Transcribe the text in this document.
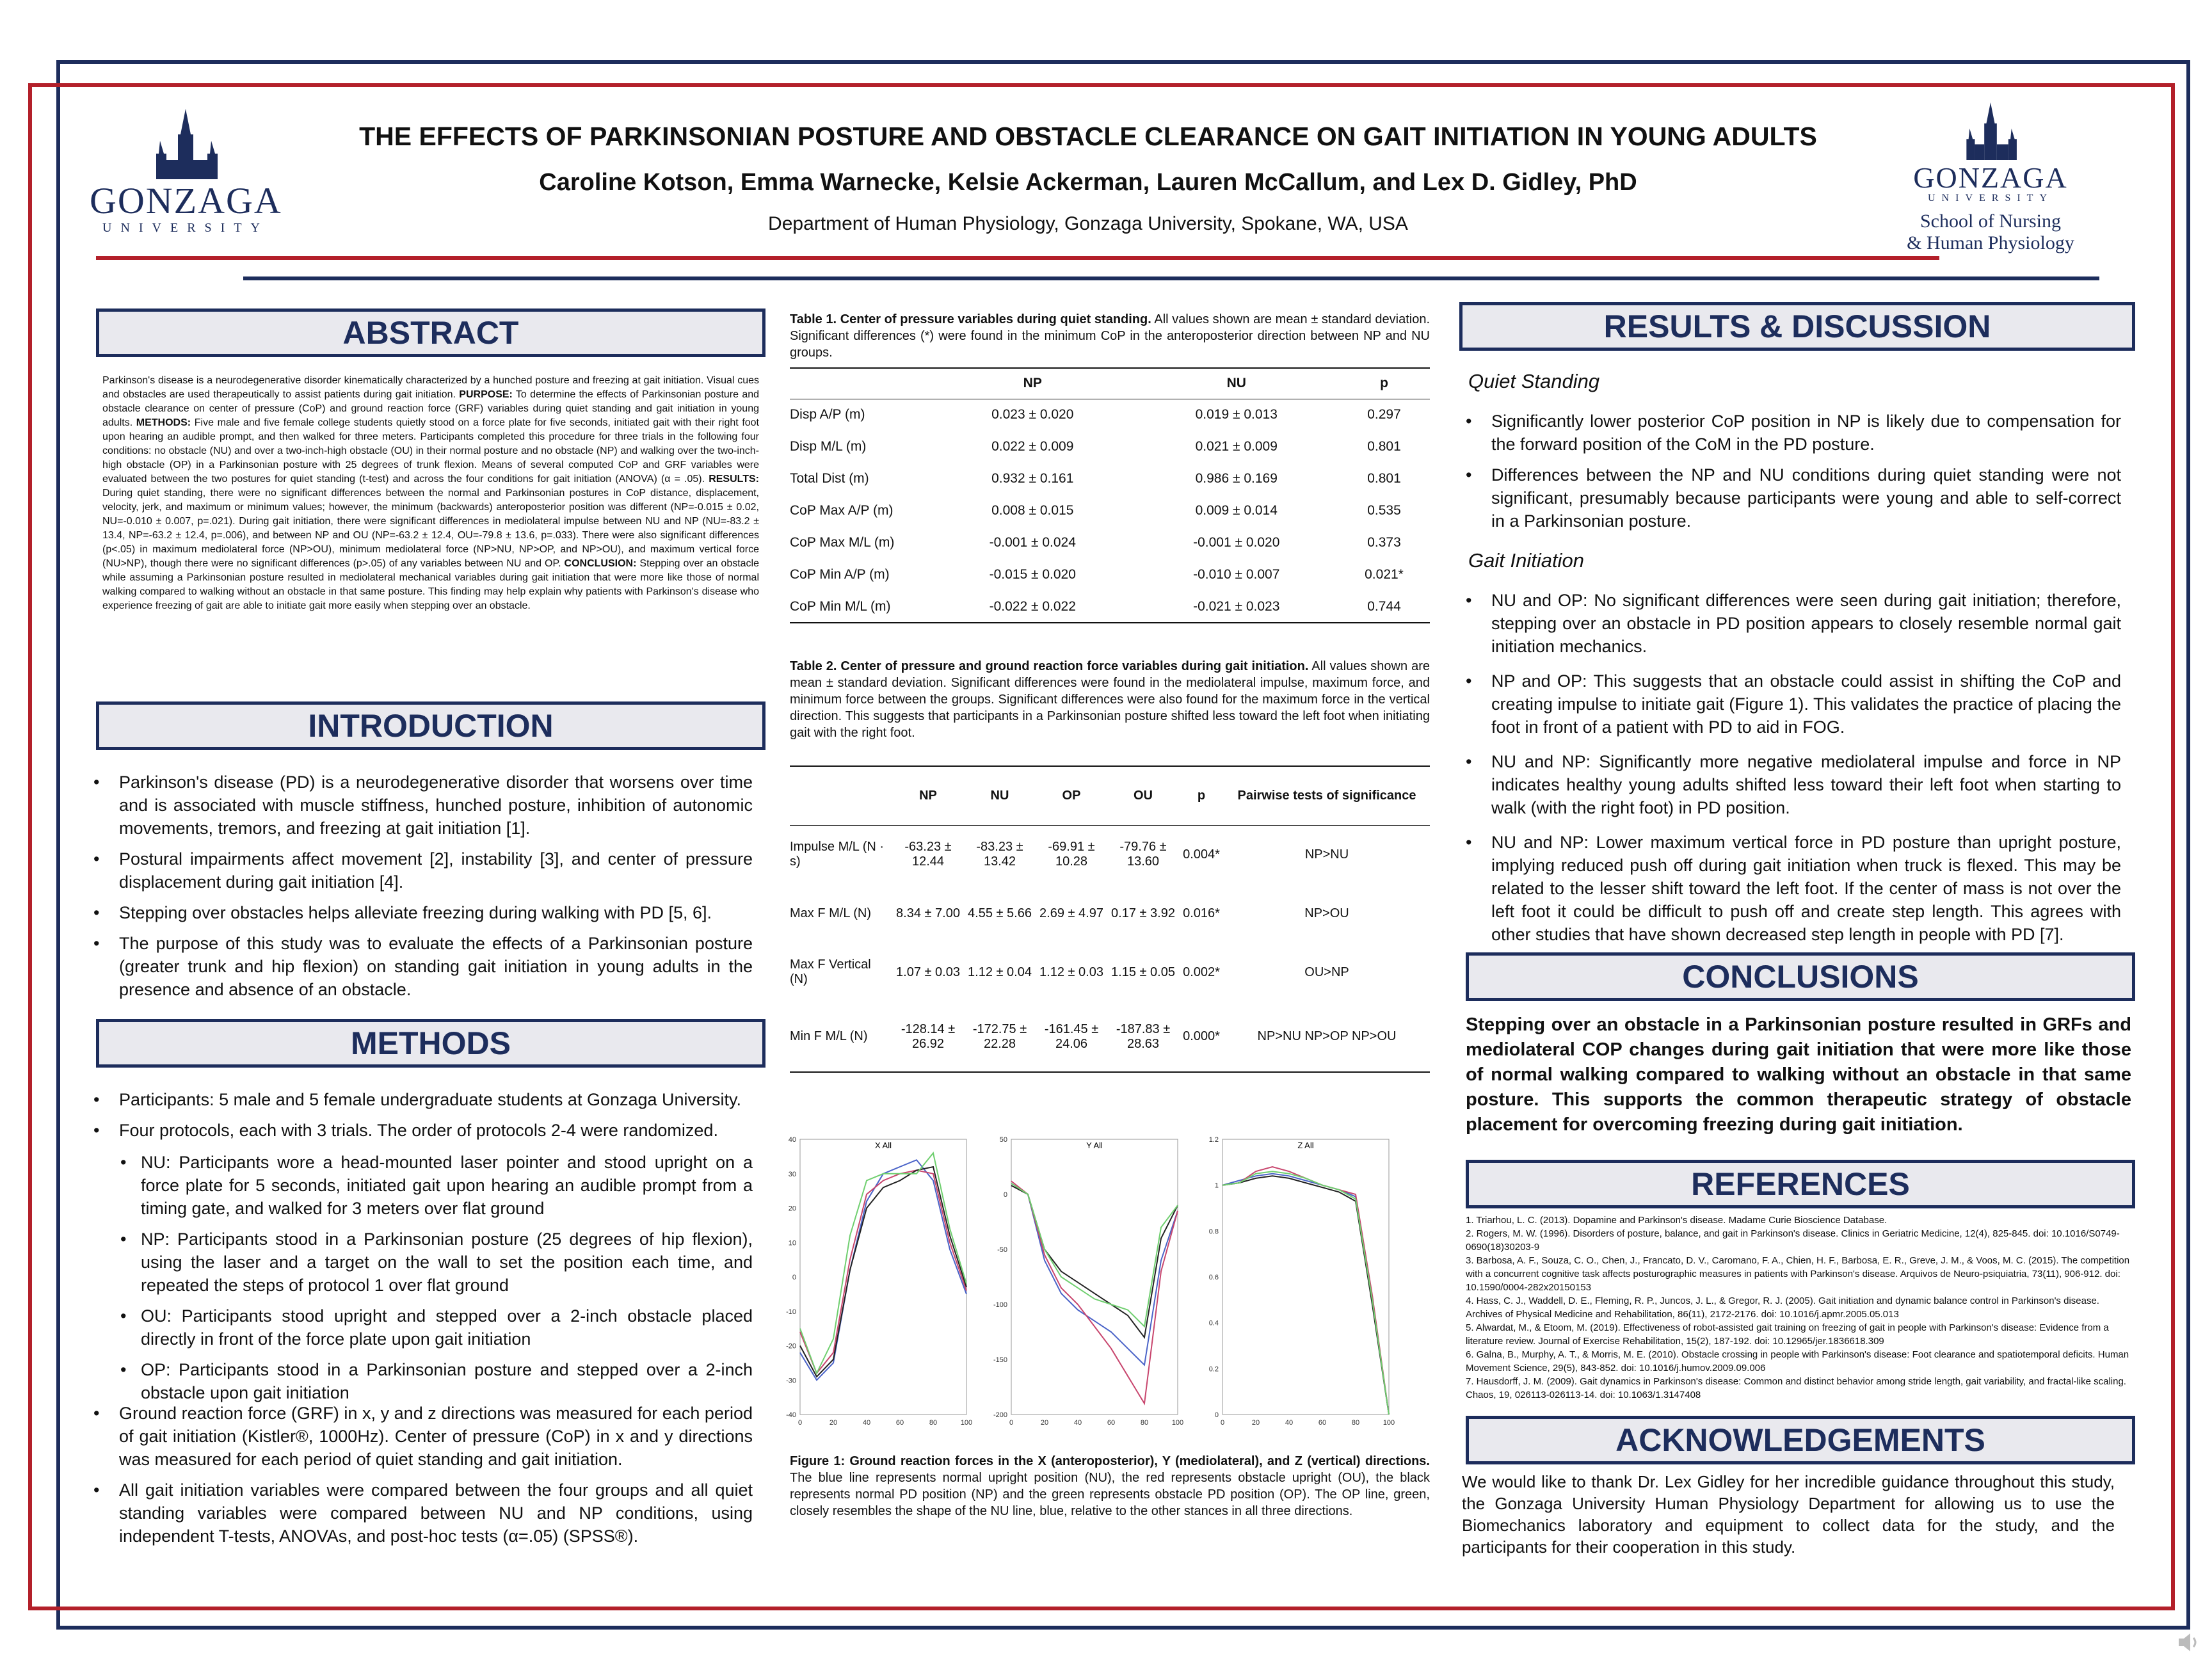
GONZAGA
UNIVERSITY
GONZAGA
UNIVERSITY
School of Nursing
& Human Physiology
THE EFFECTS OF PARKINSONIAN POSTURE AND OBSTACLE CLEARANCE ON GAIT INITIATION IN YOUNG ADULTS
Caroline Kotson, Emma Warnecke, Kelsie Ackerman, Lauren McCallum, and Lex D. Gidley, PhD
Department of Human Physiology, Gonzaga University, Spokane, WA, USA
ABSTRACT
Parkinson's disease is a neurodegenerative disorder kinematically characterized by a hunched posture and freezing at gait initiation. Visual cues and obstacles are used therapeutically to assist patients during gait initiation. PURPOSE: To determine the effects of Parkinsonian posture and obstacle clearance on center of pressure (CoP) and ground reaction force (GRF) variables during quiet standing and gait initiation in young adults. METHODS: Five male and five female college students quietly stood on a force plate for five seconds, initiated gait with their right foot upon hearing an audible prompt, and then walked for three meters. Participants completed this procedure for three trials in the following four conditions: no obstacle (NU) and over a two-inch-high obstacle (OU) in their normal posture and no obstacle (NP) and walking over the two-inch-high obstacle (OP) in a Parkinsonian posture with 25 degrees of trunk flexion. Means of several computed CoP and GRF variables were evaluated between the two postures for quiet standing (t-test) and across the four conditions for gait initiation (ANOVA) (α = .05). RESULTS: During quiet standing, there were no significant differences between the normal and Parkinsonian postures in CoP distance, displacement, velocity, jerk, and maximum or minimum values; however, the minimum (backwards) anteroposterior position was different (NP=-0.015 ± 0.02, NU=-0.010 ± 0.007, p=.021). During gait initiation, there were significant differences in mediolateral impulse between NU and NP (NU=-83.2 ± 13.4, NP=-63.2 ± 12.4, p=.006), and between NP and OU (NP=-63.2 ± 12.4, OU=-79.8 ± 13.6, p=.033). There were also significant differences (p<.05) in maximum mediolateral force (NP>OU), minimum mediolateral force (NP>NU, NP>OP, and NP>OU), and maximum vertical force (NU>NP), though there were no significant differences (p>.05) of any variables between NU and OP. CONCLUSION: Stepping over an obstacle while assuming a Parkinsonian posture resulted in mediolateral mechanical variables during gait initiation that were more like those of normal walking compared to walking without an obstacle in that same posture. This finding may help explain why patients with Parkinson's disease who experience freezing of gait are able to initiate gait more easily when stepping over an obstacle.
INTRODUCTION
• Parkinson's disease (PD) is a neurodegenerative disorder that worsens over time and is associated with muscle stiffness, hunched posture, inhibition of autonomic movements, tremors, and freezing at gait initiation [1].
• Postural impairments affect movement [2], instability [3], and center of pressure displacement during gait initiation [4].
• Stepping over obstacles helps alleviate freezing during walking with PD [5, 6].
• The purpose of this study was to evaluate the effects of a Parkinsonian posture (greater trunk and hip flexion) on standing gait initiation in young adults in the presence and absence of an obstacle.
METHODS
• Participants: 5 male and 5 female undergraduate students at Gonzaga University.
• Four protocols, each with 3 trials. The order of protocols 2-4 were randomized.
• NU: Participants wore a head-mounted laser pointer and stood upright on a force plate for 5 seconds, initiated gait upon hearing an audible prompt from a timing gate, and walked for 3 meters over flat ground
• NP: Participants stood in a Parkinsonian posture (25 degrees of hip flexion), using the laser and a target on the wall to set the position each time, and repeated the steps of protocol 1 over flat ground
• OU: Participants stood upright and stepped over a 2-inch obstacle placed directly in front of the force plate upon gait initiation
• OP: Participants stood in a Parkinsonian posture and stepped over a 2-inch obstacle upon gait initiation
• Ground reaction force (GRF) in x, y and z directions was measured for each period of gait initiation (Kistler®, 1000Hz). Center of pressure (CoP) in x and y directions was measured for each period of quiet standing and gait initiation.
• All gait initiation variables were compared between the four groups and all quiet standing variables were compared between NU and NP conditions, using independent T-tests, ANOVAs, and post-hoc tests (α=.05) (SPSS®).
Table 1. Center of pressure variables during quiet standing. All values shown are mean ± standard deviation. Significant differences (*) were found in the minimum CoP in the anteroposterior direction between NP and NU groups.
	NP	NU	p
Disp A/P (m)	0.023 ± 0.020	0.019 ± 0.013	0.297
Disp M/L (m)	0.022 ± 0.009	0.021 ± 0.009	0.801
Total Dist (m)	0.932 ± 0.161	0.986 ± 0.169	0.801
CoP Max A/P (m)	0.008 ± 0.015	0.009 ± 0.014	0.535
CoP Max M/L (m)	-0.001 ± 0.024	-0.001 ± 0.020	0.373
CoP Min A/P (m)	-0.015 ± 0.020	-0.010 ± 0.007	0.021*
CoP Min M/L (m)	-0.022 ± 0.022	-0.021 ± 0.023	0.744
Table 2. Center of pressure and ground reaction force variables during gait initiation. All values shown are mean ± standard deviation. Significant differences were found in the mediolateral impulse, maximum force, and minimum force between the groups. Significant differences were also found for the maximum force in the vertical direction. This suggests that participants in a Parkinsonian posture shifted less toward the left foot when initiating gait with the right foot.
	NP	NU	OP	OU	p	Pairwise tests of significance
Impulse M/L (N · s)	-63.23 ± 12.44	-83.23 ± 13.42	-69.91 ± 10.28	-79.76 ± 13.60	0.004*	NP>NU
Max F M/L (N)	8.34 ± 7.00	4.55 ± 5.66	2.69 ± 4.97	0.17 ± 3.92	0.016*	NP>OU
Max F Vertical (N)	1.07 ± 0.03	1.12 ± 0.04	1.12 ± 0.03	1.15 ± 0.05	0.002*	OU>NP
Min F M/L (N)	-128.14 ± 26.92	-172.75 ± 22.28	-161.45 ± 24.06	-187.83 ± 28.63	0.000*	NP>NU NP>OP NP>OU
X All
-40
-30
-20
-10
0
10
20
30
40
0	20	40	60	80	100
Y All
-200
-150
-100
-50
0
50
0	20	40	60	80	100
Z All
0
0.2
0.4
0.6
0.8
1
1.2
0	20	40	60	80	100
Figure 1: Ground reaction forces in the X (anteroposterior), Y (mediolateral), and Z (vertical) directions. The blue line represents normal upright position (NU), the red represents obstacle upright (OU), the black represents normal PD position (NP) and the green represents obstacle PD position (OP). The OP line, green, closely resembles the shape of the NU line, blue, relative to the other stances in all three directions.
RESULTS & DISCUSSION
Quiet Standing
• Significantly lower posterior CoP position in NP is likely due to compensation for the forward position of the CoM in the PD posture.
• Differences between the NP and NU conditions during quiet standing were not significant, presumably because participants were young and able to self-correct in a Parkinsonian posture.
Gait Initiation
• NU and OP: No significant differences were seen during gait initiation; therefore, stepping over an obstacle in PD position appears to closely resemble normal gait initiation mechanics.
• NP and OP: This suggests that an obstacle could assist in shifting the CoP and creating impulse to initiate gait (Figure 1). This validates the practice of placing the foot in front of a patient with PD to aid in FOG.
• NU and NP: Significantly more negative mediolateral impulse and force in NP indicates healthy young adults shifted less toward their left foot when starting to walk (with the right foot) in PD position.
• NU and NP: Lower maximum vertical force in PD posture than upright posture, implying reduced push off during gait initiation when truck is flexed. This may be related to the lesser shift toward the left foot. If the center of mass is not over the left foot it could be difficult to push off and create step length. This agrees with other studies that have shown decreased step length in people with PD [7].
CONCLUSIONS
Stepping over an obstacle in a Parkinsonian posture resulted in GRFs and mediolateral COP changes during gait initiation that were more like those of normal walking compared to walking without an obstacle in that same posture. This supports the common therapeutic strategy of obstacle placement for overcoming freezing during gait initiation.
REFERENCES
1. Triarhou, L. C. (2013). Dopamine and Parkinson's disease. Madame Curie Bioscience Database.
2. Rogers, M. W. (1996). Disorders of posture, balance, and gait in Parkinson's disease. Clinics in Geriatric Medicine, 12(4), 825-845. doi: 10.1016/S0749-0690(18)30203-9
3. Barbosa, A. F., Souza, C. O., Chen, J., Francato, D. V., Caromano, F. A., Chien, H. F., Barbosa, E. R., Greve, J. M., & Voos, M. C. (2015). The competition with a concurrent cognitive task affects posturographic measures in patients with Parkinson's disease. Arquivos de Neuro-psiquiatria, 73(11), 906-912. doi: 10.1590/0004-282x20150153
4. Hass, C. J., Waddell, D. E., Fleming, R. P., Juncos, J. L., & Gregor, R. J. (2005). Gait initiation and dynamic balance control in Parkinson's disease. Archives of Physical Medicine and Rehabilitation, 86(11), 2172-2176. doi: 10.1016/j.apmr.2005.05.013
5. Alwardat, M., & Etoom, M. (2019). Effectiveness of robot-assisted gait training on freezing of gait in people with Parkinson's disease: Evidence from a literature review. Journal of Exercise Rehabilitation, 15(2), 187-192. doi: 10.12965/jer.1836618.309
6. Galna, B., Murphy, A. T., & Morris, M. E. (2010). Obstacle crossing in people with Parkinson's disease: Foot clearance and spatiotemporal deficits. Human Movement Science, 29(5), 843-852. doi: 10.1016/j.humov.2009.09.006
7. Hausdorff, J. M. (2009). Gait dynamics in Parkinson's disease: Common and distinct behavior among stride length, gait variability, and fractal-like scaling. Chaos, 19, 026113-026113-14. doi: 10.1063/1.3147408
ACKNOWLEDGEMENTS
We would like to thank Dr. Lex Gidley for her incredible guidance throughout this study, the Gonzaga University Human Physiology Department for allowing us to use the Biomechanics laboratory and equipment to collect data for the study, and the participants for their cooperation in this study.
